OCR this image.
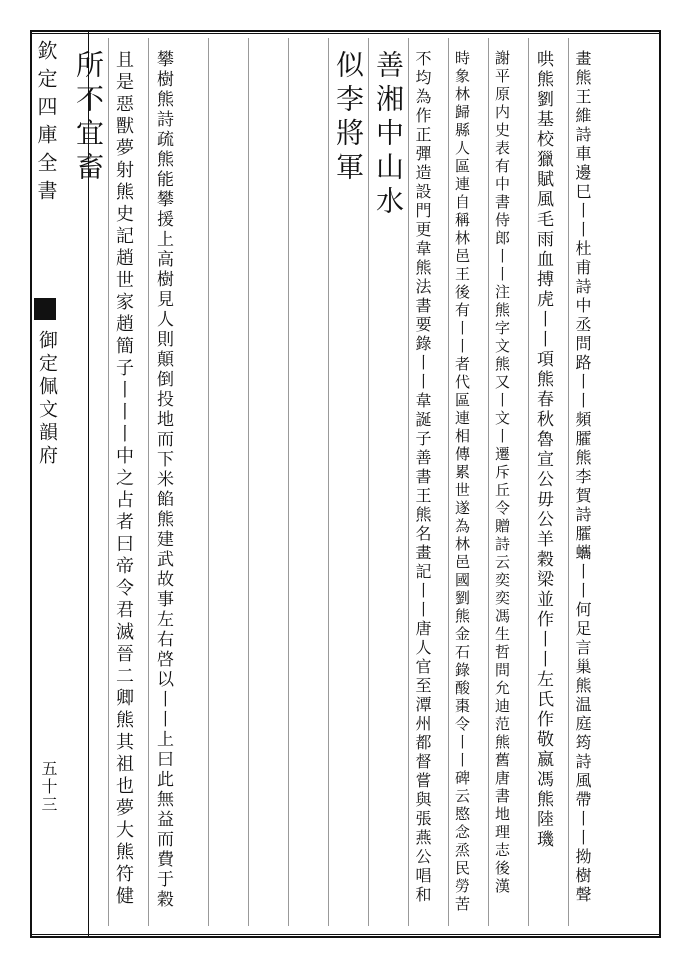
欽定四庫全書
御定佩文韻府
五十三	畫熊王維詩車邊巳丨丨杜甫詩中丞問路丨丨頻臛熊李賀詩臛蠵丨丨何足言巢熊温庭筠詩風帶丨丨拗樹聲
哄熊劉基校獵賦風毛雨血搏虎丨丨項熊春秋魯宣公毋公羊穀梁並作丨丨左氏作敬嬴馮熊陸璣
謝平原内史表有中書侍郎丨丨注熊字文熊又丨文丨遷斥丘令贈詩云奕奕馮生哲問允迪范熊舊唐書地理志後漢
時象林歸縣人區連自稱林邑王後有丨丨者代區連相傳累世遂為林邑國劉熊金石錄酸棗令丨丨碑云愍念烝民勞苦
不均為作正彈造設門更韋熊法書要錄丨丨韋誕子善書王熊名畫記丨丨唐人官至潭州都督嘗與張燕公唱和
善湘中山水
似李將軍
攀樹熊詩疏熊能攀援上高樹見人則顛倒投地而下米餡熊建武故事左右啓以丨丨上曰此無益而費于穀
且是惡獸夢射熊史記趙世家趙簡子丨丨丨中之占者曰帝令君滅晉二卿熊其祖也夢大熊符健
所不宜畜
